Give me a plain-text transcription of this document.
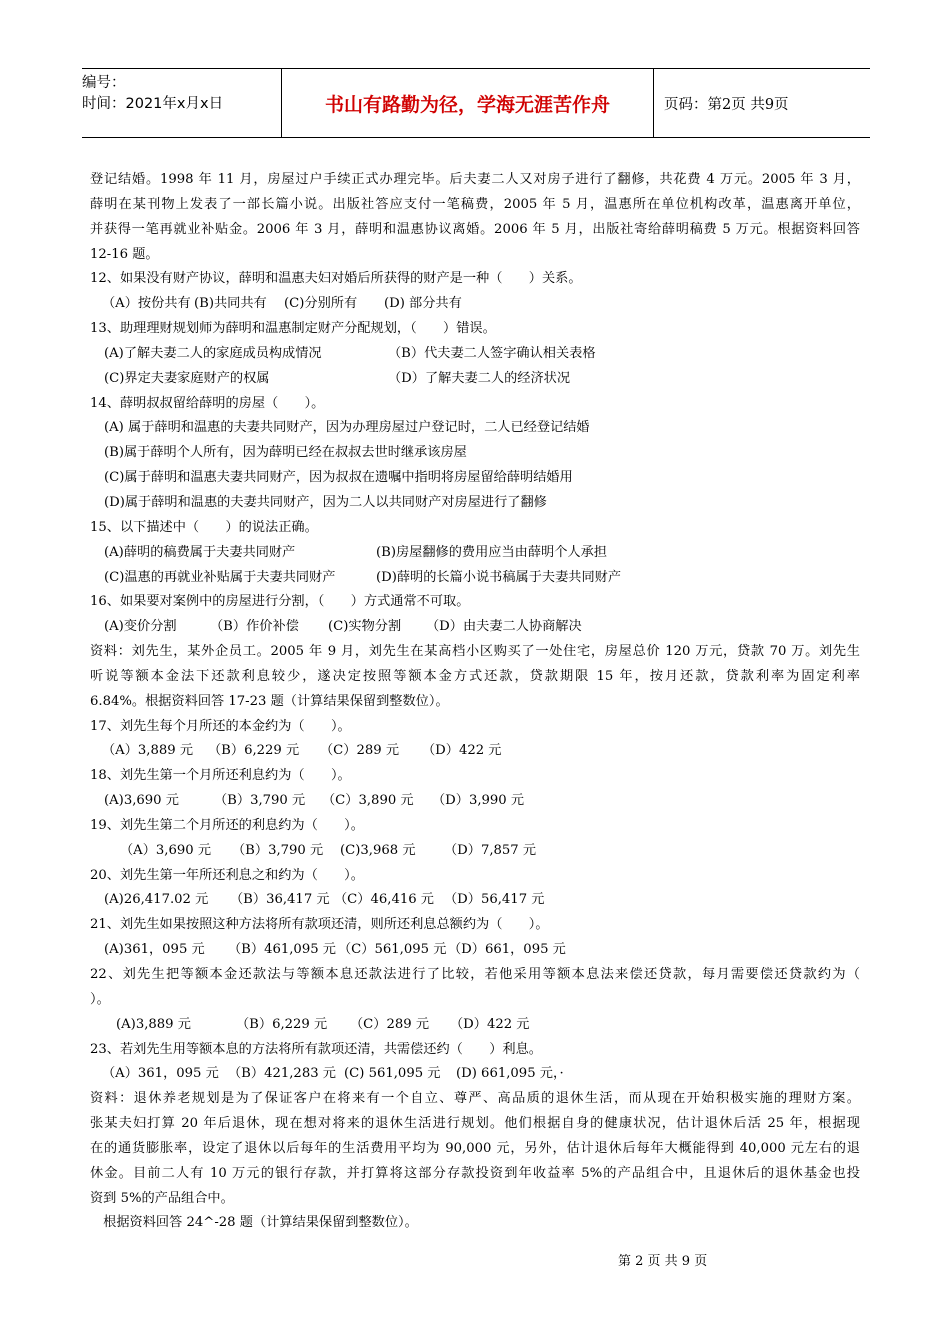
编号：
时间：2021年x月x日	书山有路勤为径，学海无涯苦作舟	页码：第2页 共9页
登记结婚。1998 年 11 月，房屋过户手续正式办理完毕。后夫妻二人又对房子进行了翻修，共花费 4 万元。2005 年 3 月，
薛明在某刊物上发表了一部长篇小说。出版社答应支付一笔稿费，2005 年 5 月，温惠所在单位机构改革，温惠离开单位，
并获得一笔再就业补贴金。2006 年 3 月，薛明和温惠协议离婚。2006 年 5 月，出版社寄给薛明稿费 5 万元。根据资料回答
12-16 题。
12、如果没有财产协议，薛明和温惠夫妇对婚后所获得的财产是一种（　　）关系。
（A）按份共有 (B)共同共有	(C)分别所有	(D) 部分共有
13、助理理财规划师为薛明和温惠制定财产分配规划，（　　）错误。
(A)了解夫妻二人的家庭成员构成情况	（B）代夫妻二人签字确认相关表格
(C)界定夫妻家庭财产的权属	（D）了解夫妻二人的经济状况
14、薛明叔叔留给薛明的房屋（　　）。
(A) 属于薛明和温惠的夫妻共同财产，因为办理房屋过户登记时，二人已经登记结婚
(B)属于薛明个人所有，因为薛明已经在叔叔去世时继承该房屋
(C)属于薛明和温惠夫妻共同财产，因为叔叔在遗嘱中指明将房屋留给薛明结婚用
(D)属于薛明和温惠的夫妻共同财产，因为二人以共同财产对房屋进行了翻修
15、以下描述中（　　）的说法正确。
(A)薛明的稿费属于夫妻共同财产	(B)房屋翻修的费用应当由薛明个人承担
(C)温惠的再就业补贴属于夫妻共同财产	(D)薛明的长篇小说书稿属于夫妻共同财产
16、如果要对案例中的房屋进行分割，（　　）方式通常不可取。
(A)变价分割	（B）作价补偿	(C)实物分割	（D）由夫妻二人协商解决
资料：刘先生，某外企员工。2005 年 9 月，刘先生在某高档小区购买了一处住宅，房屋总价 120 万元，贷款 70 万。刘先生
听说等额本金法下还款利息较少，遂决定按照等额本金方式还款，贷款期限 15 年，按月还款，贷款利率为固定利率
6.84%。根据资料回答 17-23 题（计算结果保留到整数位）。
17、刘先生每个月所还的本金约为（　　）。
（A）3,889 元	（B）6,229 元	（C）289 元	（D）422 元
18、刘先生第一个月所还利息约为（　　）。
(A)3,690 元	（B）3,790 元	（C）3,890 元	（D）3,990 元
19、刘先生第二个月所还的利息约为（　　）。
（A）3,690 元	（B）3,790 元	(C)3,968 元	（D）7,857 元
20、刘先生第一年所还利息之和约为（　　）。
(A)26,417.02 元	（B）36,417 元 （C）46,416 元 （D）56,417 元
21、刘先生如果按照这种方法将所有款项还清，则所还利息总额约为（　　）。
(A)361，095 元	（B）461,095 元 （C）561,095 元 （D）661，095 元
22、刘先生把等额本金还款法与等额本息还款法进行了比较，若他采用等额本息法来偿还贷款，每月需要偿还贷款约为（
）。
(A)3,889 元	（B）6,229 元	（C）289 元	（D）422 元
23、若刘先生用等额本息的方法将所有款项还清，共需偿还约（　　）利息。
（A）361，095 元 （B）421,283 元 (C) 561,095 元	(D) 661,095 元，·
资料：退休养老规划是为了保证客户在将来有一个自立、尊严、高品质的退休生活，而从现在开始积极实施的理财方案。
张某夫妇打算 20 年后退休，现在想对将来的退休生活进行规划。他们根据自身的健康状况，估计退休后活 25 年，根据现
在的通货膨胀率，设定了退休以后每年的生活费用平均为 90,000 元，另外，估计退休后每年大概能得到 40,000 元左右的退
休金。目前二人有 10 万元的银行存款，并打算将这部分存款投资到年收益率 5%的产品组合中，且退休后的退休基金也投
资到 5%的产品组合中。
　根据资料回答 24^-28 题（计算结果保留到整数位）。
第 2 页 共 9 页
